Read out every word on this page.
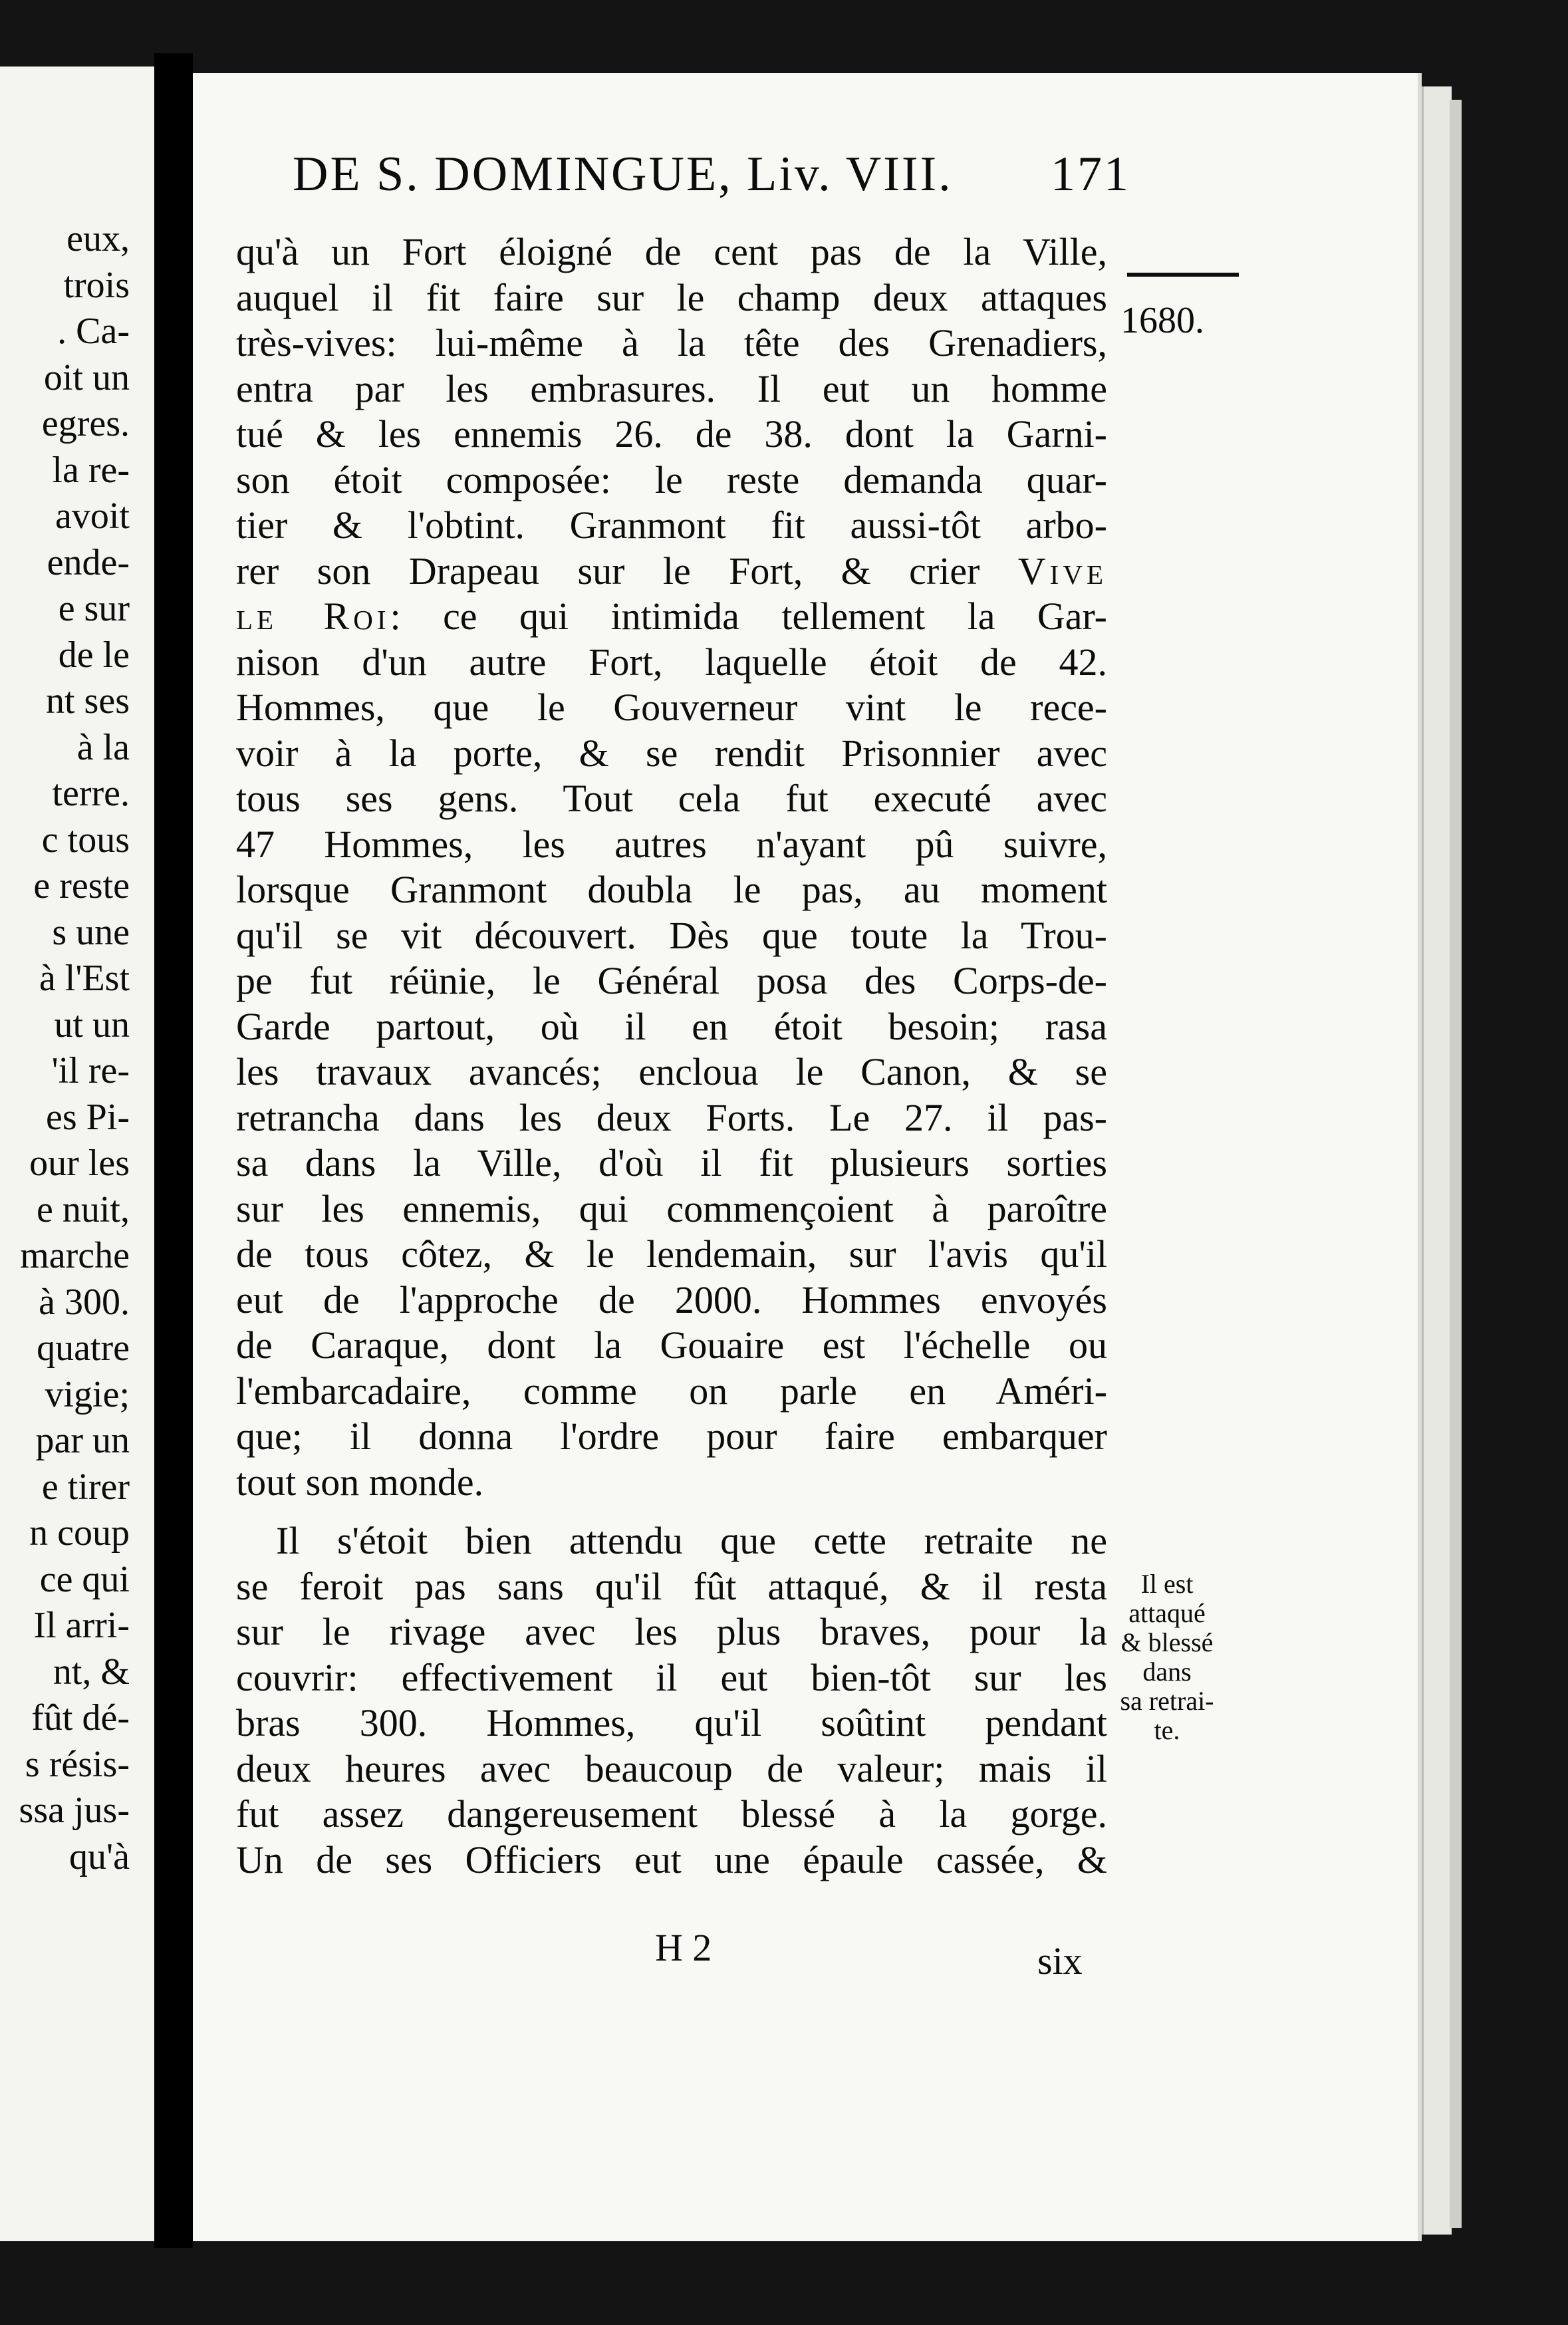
eux,
trois
. Ca-
oit un
egres.
la re-
avoit
ende-
e sur
de le
nt ses
à la
terre.
c tous
e reste
s une
à l'Est
ut un
'il re-
es Pi-
our les
e nuit,
marche
à 300.
quatre
vigie;
par un
e tirer
n coup
ce qui
Il arri-
nt, &
fût dé-
s résis-
ssa jus-
qu'à
DE S. DOMINGUE, Liv. VIII. 171
1680.
qu'à un Fort éloigné de cent pas de la Ville,
auquel il fit faire sur le champ deux attaques
très-vives: lui-même à la tête des Grenadiers,
entra par les embrasures. Il eut un homme
tué & les ennemis 26. de 38. dont la Garni-
son étoit composée: le reste demanda quar-
tier & l'obtint. Granmont fit aussi-tôt arbo-
rer son Drapeau sur le Fort, & crier Vive
le Roi: ce qui intimida tellement la Gar-
nison d'un autre Fort, laquelle étoit de 42.
Hommes, que le Gouverneur vint le rece-
voir à la porte, & se rendit Prisonnier avec
tous ses gens. Tout cela fut executé avec
47 Hommes, les autres n'ayant pû suivre,
lorsque Granmont doubla le pas, au moment
qu'il se vit découvert. Dès que toute la Trou-
pe fut réünie, le Général posa des Corps-de-
Garde partout, où il en étoit besoin; rasa
les travaux avancés; encloua le Canon, & se
retrancha dans les deux Forts. Le 27. il pas-
sa dans la Ville, d'où il fit plusieurs sorties
sur les ennemis, qui commençoient à paroître
de tous côtez, & le lendemain, sur l'avis qu'il
eut de l'approche de 2000. Hommes envoyés
de Caraque, dont la Gouaire est l'échelle ou
l'embarcadaire, comme on parle en Améri-
que; il donna l'ordre pour faire embarquer
tout son monde.
Il s'étoit bien attendu que cette retraite ne
se feroit pas sans qu'il fût attaqué, & il resta
sur le rivage avec les plus braves, pour la
couvrir: effectivement il eut bien-tôt sur les
bras 300. Hommes, qu'il soûtint pendant
deux heures avec beaucoup de valeur; mais il
fut assez dangereusement blessé à la gorge.
Un de ses Officiers eut une épaule cassée, &
Il est
attaqué
& blessé
dans
sa retrai-
te.
H 2	six
